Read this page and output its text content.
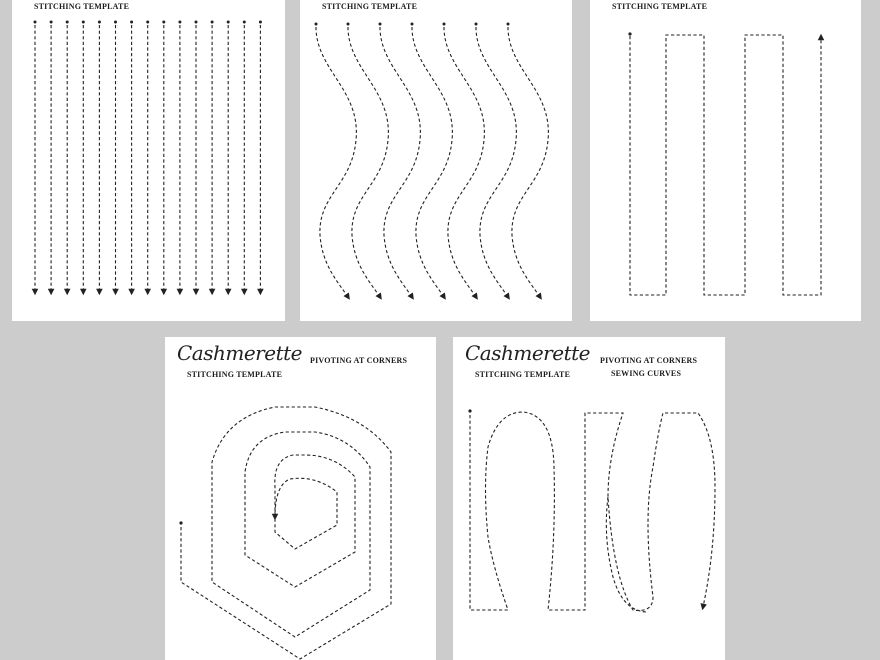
STITCHING TEMPLATE	STITCHING TEMPLATE	STITCHING TEMPLATE
Cashmerette
STITCHING TEMPLATE
PIVOTING AT CORNERS	Cashmerette
STITCHING TEMPLATE
PIVOTING AT CORNERS
SEWING CURVES
